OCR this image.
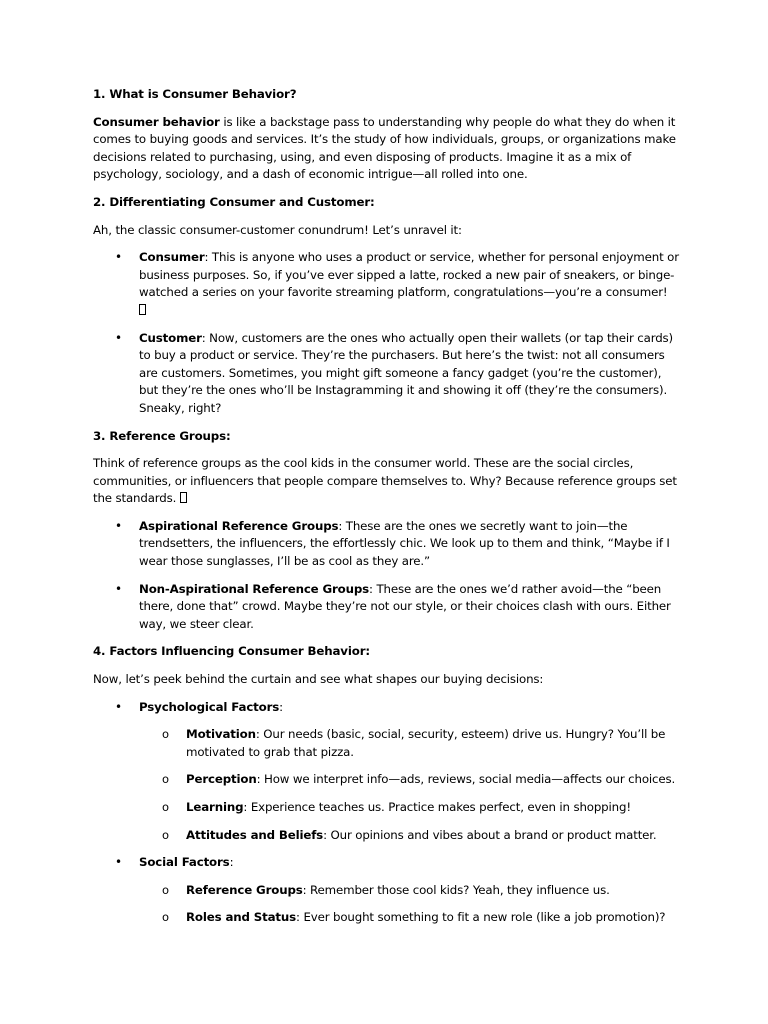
1. What is Consumer Behavior?

Consumer behavior is like a backstage pass to understanding why people do what they do when it comes to buying goods and services. It’s the study of how individuals, groups, or organizations make decisions related to purchasing, using, and even disposing of products. Imagine it as a mix of psychology, sociology, and a dash of economic intrigue—all rolled into one.

2. Differentiating Consumer and Customer:

Ah, the classic consumer-customer conundrum! Let’s unravel it:

• Consumer: This is anyone who uses a product or service, whether for personal enjoyment or business purposes. So, if you’ve ever sipped a latte, rocked a new pair of sneakers, or binge-watched a series on your favorite streaming platform, congratulations—you’re a consumer!

• Customer: Now, customers are the ones who actually open their wallets (or tap their cards) to buy a product or service. They’re the purchasers. But here’s the twist: not all consumers are customers. Sometimes, you might gift someone a fancy gadget (you’re the customer), but they’re the ones who’ll be Instagramming it and showing it off (they’re the consumers). Sneaky, right?
3. Reference Groups:

Think of reference groups as the cool kids in the consumer world. These are the social circles, communities, or influencers that people compare themselves to. Why? Because reference groups set the standards.

• Aspirational Reference Groups: These are the ones we secretly want to join—the trendsetters, the influencers, the effortlessly chic. We look up to them and think, “Maybe if I wear those sunglasses, I’ll be as cool as they are.”
• Non-Aspirational Reference Groups: These are the ones we’d rather avoid—the “been there, done that” crowd. Maybe they’re not our style, or their choices clash with ours. Either way, we steer clear.
4. Factors Influencing Consumer Behavior:

Now, let’s peek behind the curtain and see what shapes our buying decisions:

• Psychological Factors:
o Motivation: Our needs (basic, social, security, esteem) drive us. Hungry? You’ll be motivated to grab that pizza.
o Perception: How we interpret info—ads, reviews, social media—affects our choices.
o Learning: Experience teaches us. Practice makes perfect, even in shopping!
o Attitudes and Beliefs: Our opinions and vibes about a brand or product matter.
• Social Factors:
o Reference Groups: Remember those cool kids? Yeah, they influence us.
o Roles and Status: Ever bought something to fit a new role (like a job promotion)?
